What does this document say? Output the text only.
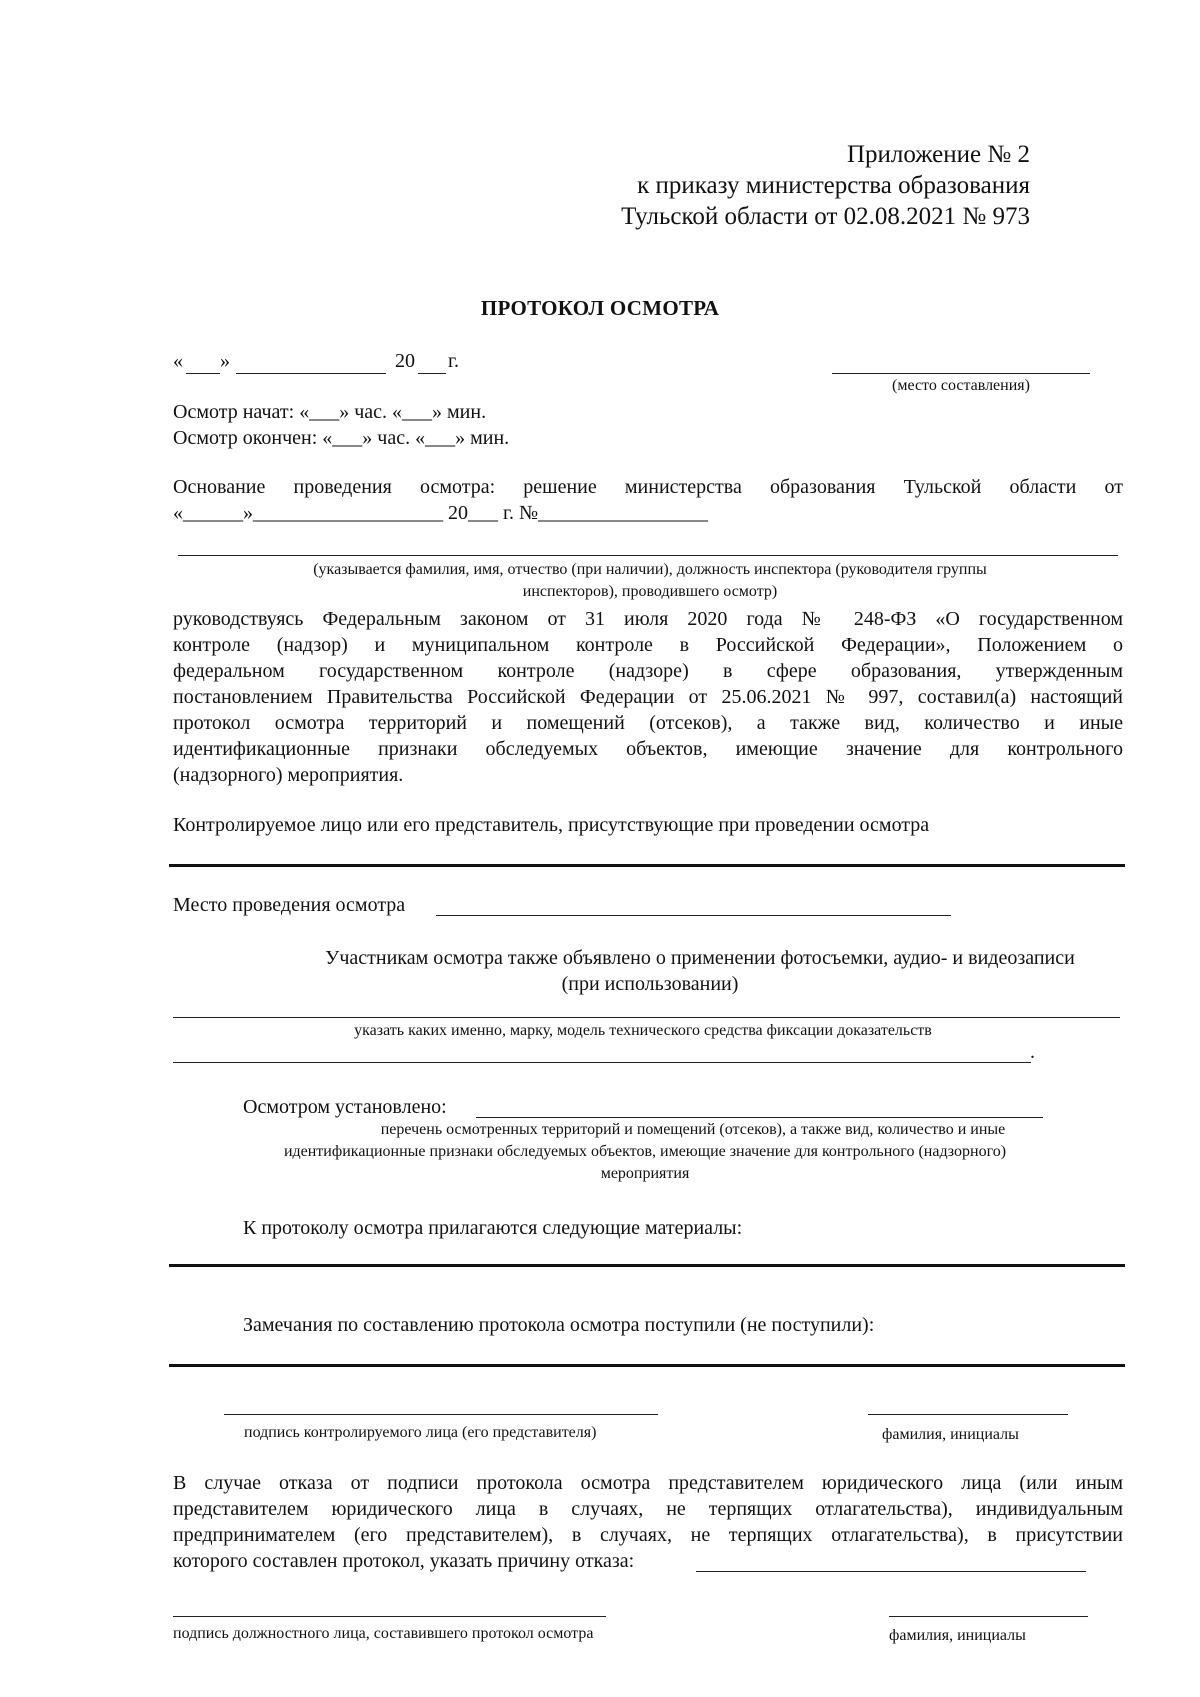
Приложение № 2
к приказу министерства образования
Тульской области от 02.08.2021 № 973
ПРОТОКОЛ ОСМОТРА
« »	20 г.
(место составления)
Осмотр начат: «___» час. «___» мин.
Осмотр окончен: «___» час. «___» мин.
Основание проведения осмотра: решение министерства образования Тульской области от
«______»___________________ 20___ г. №_________________
(указывается фамилия, имя, отчество (при наличии), должность инспектора (руководителя группы
инспекторов), проводившего осмотр)
руководствуясь Федеральным законом от 31 июля 2020 года № 248-ФЗ «О государственном
контроле (надзор) и муниципальном контроле в Российской Федерации», Положением о
федеральном государственном контроле (надзоре) в сфере образования, утвержденным
постановлением Правительства Российской Федерации от 25.06.2021 № 997, составил(а) настоящий
протокол осмотра территорий и помещений (отсеков), а также вид, количество и иные
идентификационные признаки обследуемых объектов, имеющие значение для контрольного
(надзорного) мероприятия.
Контролируемое лицо или его представитель, присутствующие при проведении осмотра
Место проведения осмотра
Участникам осмотра также объявлено о применении фотосъемки, аудио- и видеозаписи
(при использовании)
указать каких именно, марку, модель технического средства фиксации доказательств
.
Осмотром установлено:
перечень осмотренных территорий и помещений (отсеков), а также вид, количество и иные
идентификационные признаки обследуемых объектов, имеющие значение для контрольного (надзорного)
мероприятия
К протоколу осмотра прилагаются следующие материалы:
Замечания по составлению протокола осмотра поступили (не поступили):
подпись контролируемого лица (его представителя)	фамилия, инициалы
В случае отказа от подписи протокола осмотра представителем юридического лица (или иным
представителем юридического лица в случаях, не терпящих отлагательства), индивидуальным
предпринимателем (его представителем), в случаях, не терпящих отлагательства), в присутствии
которого составлен протокол, указать причину отказа:
подпись должностного лица, составившего протокол осмотра	фамилия, инициалы
